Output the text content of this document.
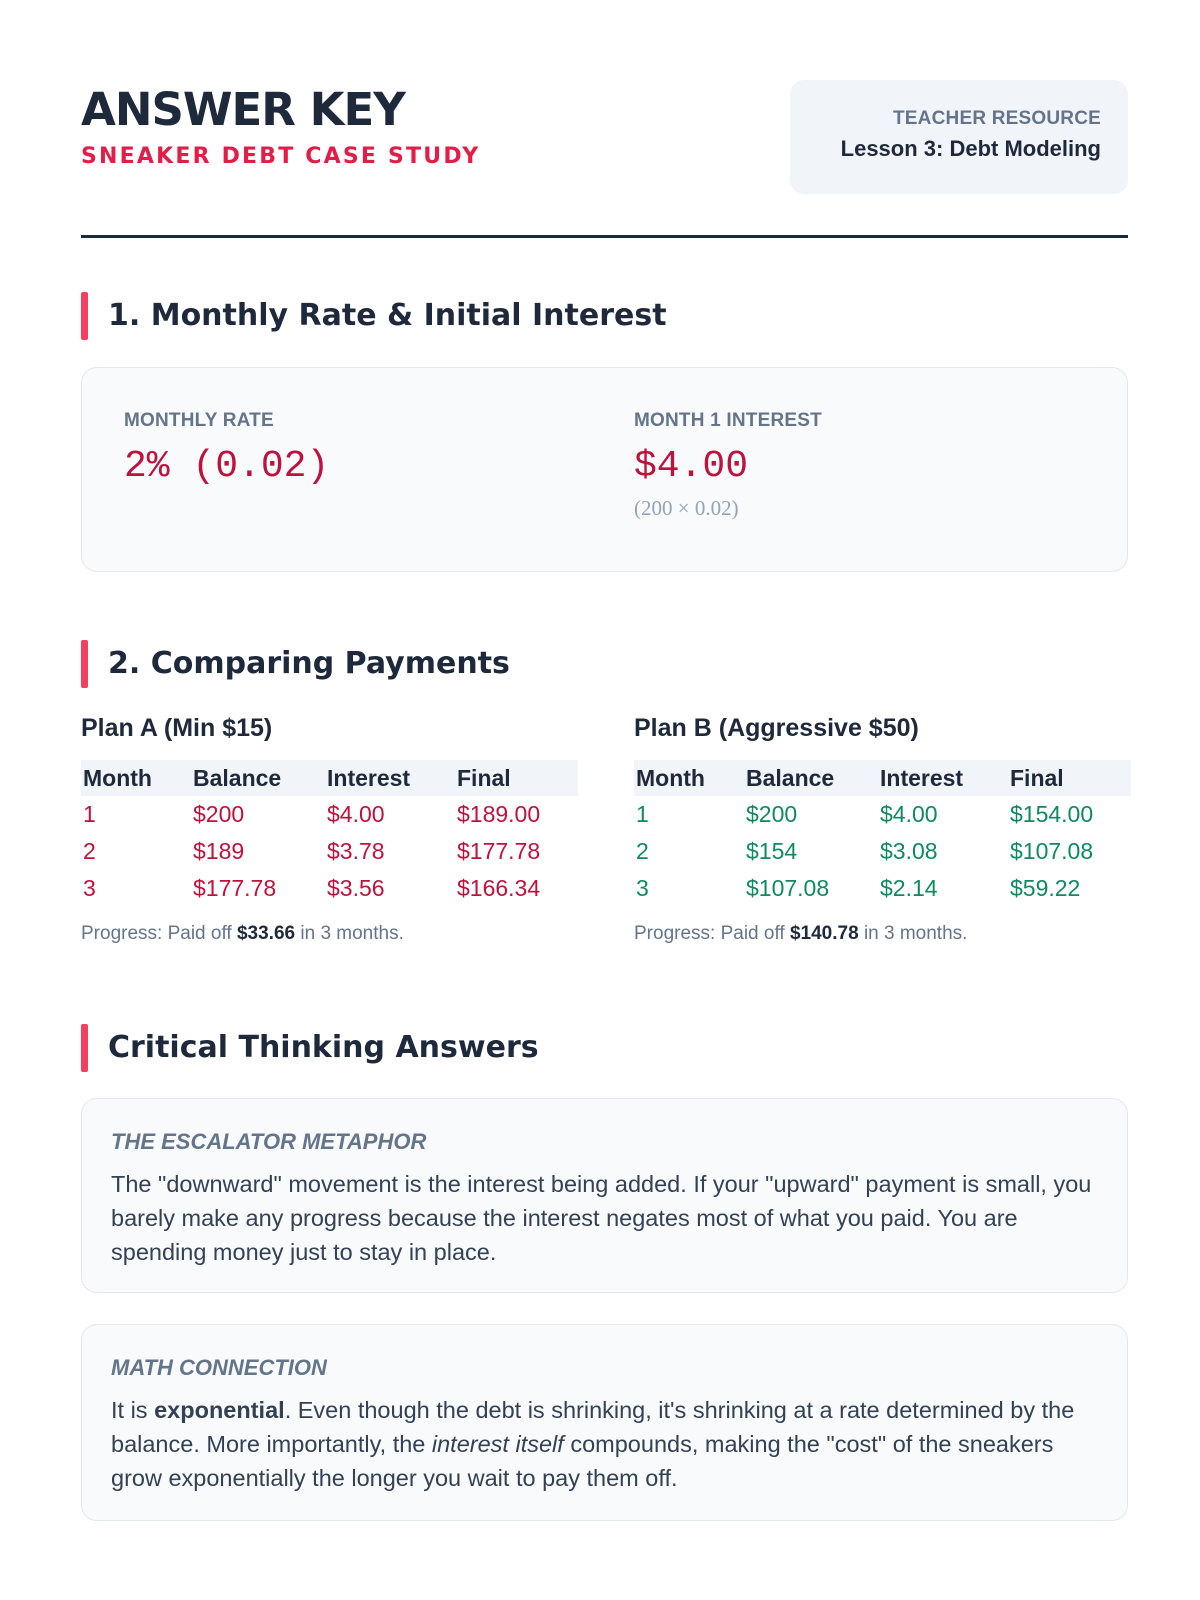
ANSWER KEY
SNEAKER DEBT CASE STUDY
TEACHER RESOURCE
Lesson 3: Debt Modeling
1. Monthly Rate & Initial Interest
MONTHLY RATE
2% (0.02)
MONTH 1 INTEREST
$4.00
(200 × 0.02)
2. Comparing Payments
Plan A (Min $15)
Month	Balance	Interest	Final
1	$200	$4.00	$189.00
2	$189	$3.78	$177.78
3	$177.78	$3.56	$166.34
Progress: Paid off $33.66 in 3 months.
Plan B (Aggressive $50)
Month	Balance	Interest	Final
1	$200	$4.00	$154.00
2	$154	$3.08	$107.08
3	$107.08	$2.14	$59.22
Progress: Paid off $140.78 in 3 months.
Critical Thinking Answers
THE ESCALATOR METAPHOR
The "downward" movement is the interest being added. If your "upward" payment is small, you barely make any progress because the interest negates most of what you paid. You are spending money just to stay in place.
MATH CONNECTION
It is exponential. Even though the debt is shrinking, it's shrinking at a rate determined by the balance. More importantly, the interest itself compounds, making the "cost" of the sneakers grow exponentially the longer you wait to pay them off.
